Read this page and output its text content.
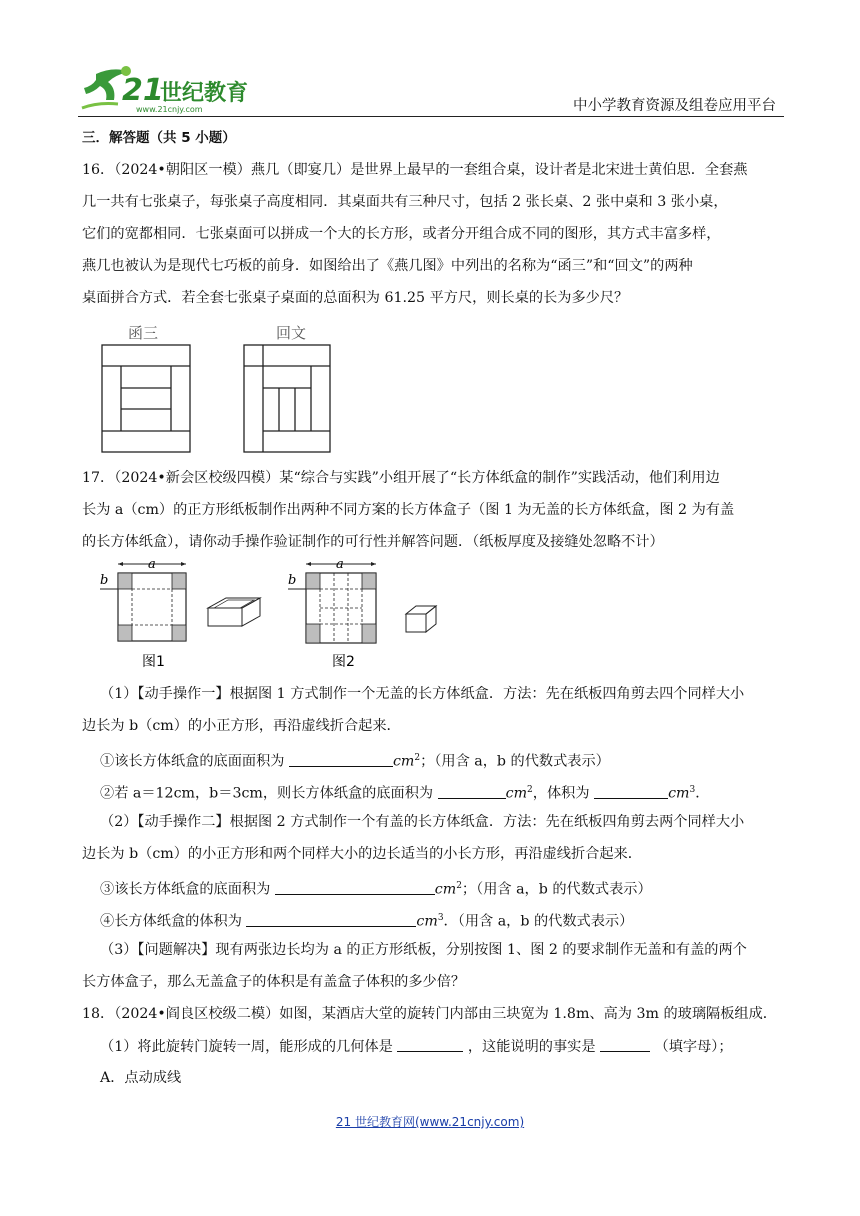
21
世纪教育
www.21cnjy.com	中小学教育资源及组卷应用平台
三．解答题（共 5 小题）
16．（2024•朝阳区一模）燕几（即宴几）是世界上最早的一套组合桌，设计者是北宋进士黄伯思．全套燕
几一共有七张桌子，每张桌子高度相同．其桌面共有三种尺寸，包括 2 张长桌、2 张中桌和 3 张小桌，
它们的宽都相同．七张桌面可以拼成一个大的长方形，或者分开组合成不同的图形，其方式丰富多样，
燕几也被认为是现代七巧板的前身．如图给出了《燕几图》中列出的名称为“函三”和“回文”的两种
桌面拼合方式．若全套七张桌子桌面的总面积为 61.25 平方尺，则长桌的长为多少尺？
函三	回文
17．（2024•新会区校级四模）某“综合与实践”小组开展了“长方体纸盒的制作”实践活动，他们利用边
长为 a（cm）的正方形纸板制作出两种不同方案的长方体盒子（图 1 为无盖的长方体纸盒，图 2 为有盖
的长方体纸盒），请你动手操作验证制作的可行性并解答问题．（纸板厚度及接缝处忽略不计）
a
b
图1
a
b
图2
（1）【动手操作一】根据图 1 方式制作一个无盖的长方体纸盒．方法：先在纸板四角剪去四个同样大小
边长为 b（cm）的小正方形，再沿虚线折合起来．
①该长方体纸盒的底面面积为	$cm^2$；（用含 a，b 的代数式表示）
②若 a＝12cm，b＝3cm，则长方体纸盒的底面积为	$cm^2$，体积为	$cm^3$．
（2）【动手操作二】根据图 2 方式制作一个有盖的长方体纸盒．方法：先在纸板四角剪去两个同样大小
边长为 b（cm）的小正方形和两个同样大小的边长适当的小长方形，再沿虚线折合起来．
③该长方体纸盒的底面积为	$cm^2$；（用含 a，b 的代数式表示）
④长方体纸盒的体积为	$cm^3$．（用含 a，b 的代数式表示）
（3）【问题解决】现有两张边长均为 a 的正方形纸板，分别按图 1、图 2 的要求制作无盖和有盖的两个
长方体盒子，那么无盖盒子的体积是有盖盒子体积的多少倍？
18．（2024•阎良区校级二模）如图，某酒店大堂的旋转门内部由三块宽为 1.8m、高为 3m 的玻璃隔板组成．
（1）将此旋转门旋转一周，能形成的几何体是	，这能说明的事实是	（填字母）；
A．点动成线
21 世纪教育网(www.21cnjy.com)
